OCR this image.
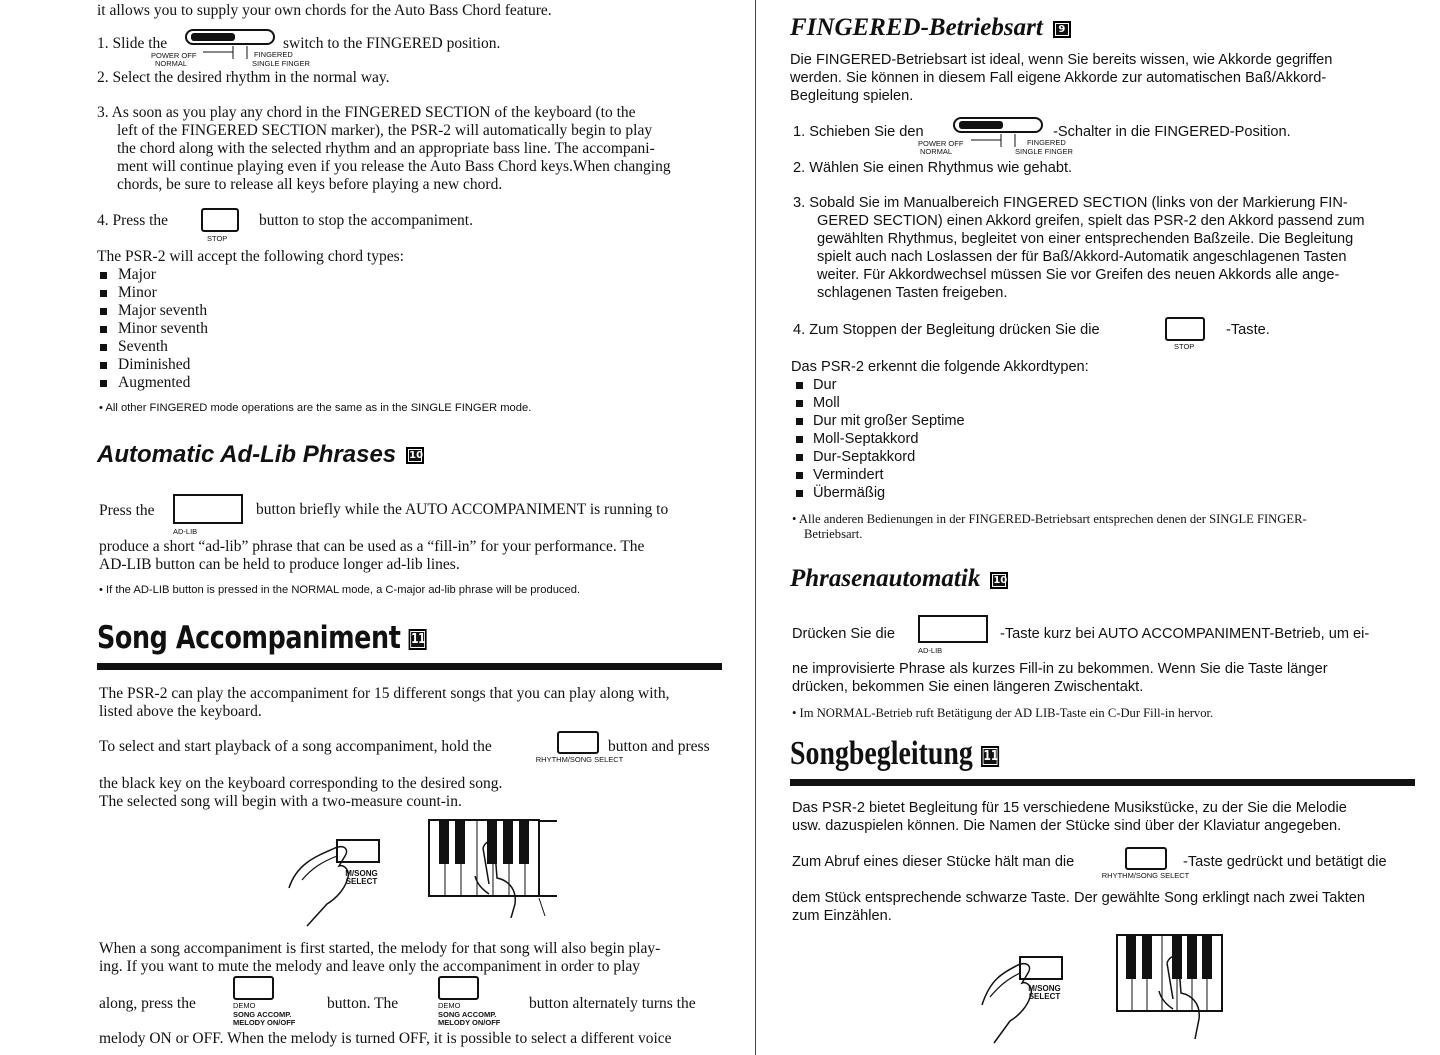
it allows you to supply your own chords for the Auto Bass Chord feature.
1. Slide the
POWER OFF
NORMAL
FINGERED
SINGLE FINGER
switch to the FINGERED position.
2. Select the desired rhythm in the normal way.
3. As soon as you play any chord in the FINGERED SECTION of the keyboard (to the
left of the FINGERED SECTION marker), the PSR-2 will automatically begin to play
the chord along with the selected rhythm and an appropriate bass line. The accompani-
ment will continue playing even if you release the Auto Bass Chord keys.When changing
chords, be sure to release all keys before playing a new chord.
4. Press the
STOP
button to stop the accompaniment.
The PSR-2 will accept the following chord types:
Major
Minor
Major seventh
Minor seventh
Seventh
Diminished
Augmented
• All other FINGERED mode operations are the same as in the SINGLE FINGER mode.
Automatic Ad-Lib Phrases 10
Press the
AD-LIB
button briefly while the AUTO ACCOMPANIMENT is running to
produce a short “ad-lib” phrase that can be used as a “fill-in” for your performance. The
AD-LIB button can be held to produce longer ad-lib lines.
• If the AD-LIB button is pressed in the NORMAL mode, a C-major ad-lib phrase will be produced.
Song Accompaniment 11
The PSR-2 can play the accompaniment for 15 different songs that you can play along with,
listed above the keyboard.
To select and start playback of a song accompaniment, hold the
RHYTHM/SONG SELECT
button and press
the black key on the keyboard corresponding to the desired song.
The selected song will begin with a two-measure count-in.
M/SONG SELECT
When a song accompaniment is first started, the melody for that song will also begin play-
ing. If you want to mute the melody and leave only the accompaniment in order to play
along, press the	DEMO
SONG ACCOMP.
MELODY ON/OFF
button. The	DEMO
SONG ACCOMP.
MELODY ON/OFF
button alternately turns the
melody ON or OFF. When the melody is turned OFF, it is possible to select a different voice
FINGERED-Betriebsart 9
Die FINGERED-Betriebsart ist ideal, wenn Sie bereits wissen, wie Akkorde gegriffen
werden. Sie können in diesem Fall eigene Akkorde zur automatischen Baß/Akkord-
Begleitung spielen.
1. Schieben Sie den
POWER OFF
NORMAL
FINGERED
SINGLE FINGER
-Schalter in die FINGERED-Position.
2. Wählen Sie einen Rhythmus wie gehabt.
3. Sobald Sie im Manualbereich FINGERED SECTION (links von der Markierung FIN-
GERED SECTION) einen Akkord greifen, spielt das PSR-2 den Akkord passend zum
gewählten Rhythmus, begleitet von einer entsprechenden Baßzeile. Die Begleitung
spielt auch nach Loslassen der für Baß/Akkord-Automatik angeschlagenen Tasten
weiter. Für Akkordwechsel müssen Sie vor Greifen des neuen Akkords alle ange-
schlagenen Tasten freigeben.
4. Zum Stoppen der Begleitung drücken Sie die
STOP
-Taste.
Das PSR-2 erkennt die folgende Akkordtypen:
Dur
Moll
Dur mit großer Septime
Moll-Septakkord
Dur-Septakkord
Vermindert
Übermäßig
• Alle anderen Bedienungen in der FINGERED-Betriebsart entsprechen denen der SINGLE FINGER-
Betriebsart.
Phrasenautomatik 10
Drücken Sie die
AD-LIB
-Taste kurz bei AUTO ACCOMPANIMENT-Betrieb, um ei-
ne improvisierte Phrase als kurzes Fill-in zu bekommen. Wenn Sie die Taste länger
drücken, bekommen Sie einen längeren Zwischentakt.
• Im NORMAL-Betrieb ruft Betätigung der AD LIB-Taste ein C-Dur Fill-in hervor.
Songbegleitung 11
Das PSR-2 bietet Begleitung für 15 verschiedene Musikstücke, zu der Sie die Melodie
usw. dazuspielen können. Die Namen der Stücke sind über der Klaviatur angegeben.
Zum Abruf eines dieser Stücke hält man die
RHYTHM/SONG SELECT
-Taste gedrückt und betätigt die
dem Stück entsprechende schwarze Taste. Der gewählte Song erklingt nach zwei Takten
zum Einzählen.
M/SONG SELECT
